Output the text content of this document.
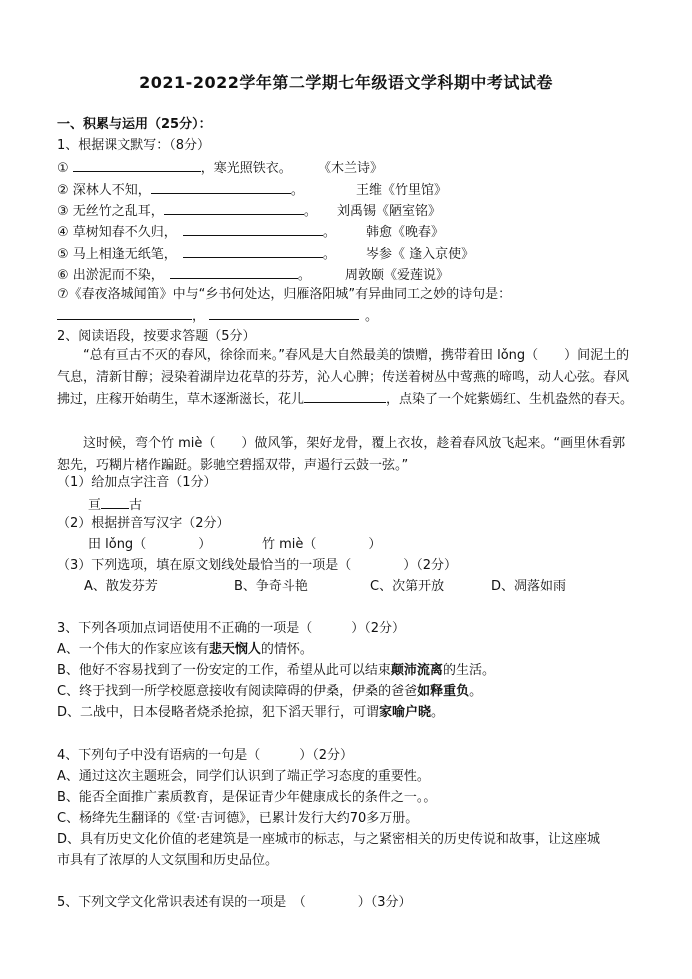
2021-2022学年第二学期七年级语文学科期中考试试卷
一、积累与运用（25分）：
1、根据课文默写：（8分）
①	，寒光照铁衣。 《木兰诗》
② 深林人不知，	。	王维《竹里馆》
③ 无丝竹之乱耳，	。 刘禹锡《陋室铭》
④ 草树知春不久归，	。 韩愈《晚春》
⑤ 马上相逢无纸笔，	。 岑参《 逢入京使》
⑥ 出淤泥而不染，	。	周敦颐《爱莲说》
⑦《春夜洛城闻笛》中与“乡书何处达，归雁洛阳城”有异曲同工之妙的诗句是：
，	。
2、阅读语段，按要求答题（5分）
“总有亘古不灭的春风，徐徐而来。”春风是大自然最美的馈赠，携带着田 lǒng（　　）间泥土的气息，清新甘醇；浸染着湖岸边花草的芬芳，沁人心脾；传送着树丛中莺燕的啼鸣，动人心弦。春风拂过，庄稼开始萌生，草木逐渐滋长，花儿	，点染了一个姹紫嫣红、生机盎然的春天。
这时候，弯个竹 miè（　　）做风筝，架好龙骨，覆上衣妆，趁着春风放飞起来。“画里休看郭恕先，巧糊片楮作蹁跹。影驰空碧摇双带，声遏行云鼓一弦。”
（1）给加点字注音（1分）
亘 古
（2）根据拼音写汉字（2分）
田 lǒng（　　　　）	竹 miè（　　　　）
（3）下列选项，填在原文划线处最恰当的一项是（　　　　）（2分）
A、散发芬芳	B、争奇斗艳	C、次第开放	D、凋落如雨
3、下列各项加点词语使用不正确的一项是（　　　）（2分）
A、一个伟大的作家应该有悲天悯人的情怀。
B、他好不容易找到了一份安定的工作，希望从此可以结束颠沛流离的生活。
C、终于找到一所学校愿意接收有阅读障碍的伊桑，伊桑的爸爸如释重负。
D、二战中，日本侵略者烧杀抢掠，犯下滔天罪行，可谓家喻户晓。
4、下列句子中没有语病的一句是（　　　）（2分）
A、通过这次主题班会，同学们认识到了端正学习态度的重要性。
B、能否全面推广素质教育，是保证青少年健康成长的条件之一。。
C、杨绛先生翻译的《堂·吉诃德》，已累计发行大约70多万册。
D、具有历史文化价值的老建筑是一座城市的标志，与之紧密相关的历史传说和故事，让这座城
市具有了浓厚的人文氛围和历史品位。
5、下列文学文化常识表述有误的一项是　（　　　　）（3分）
